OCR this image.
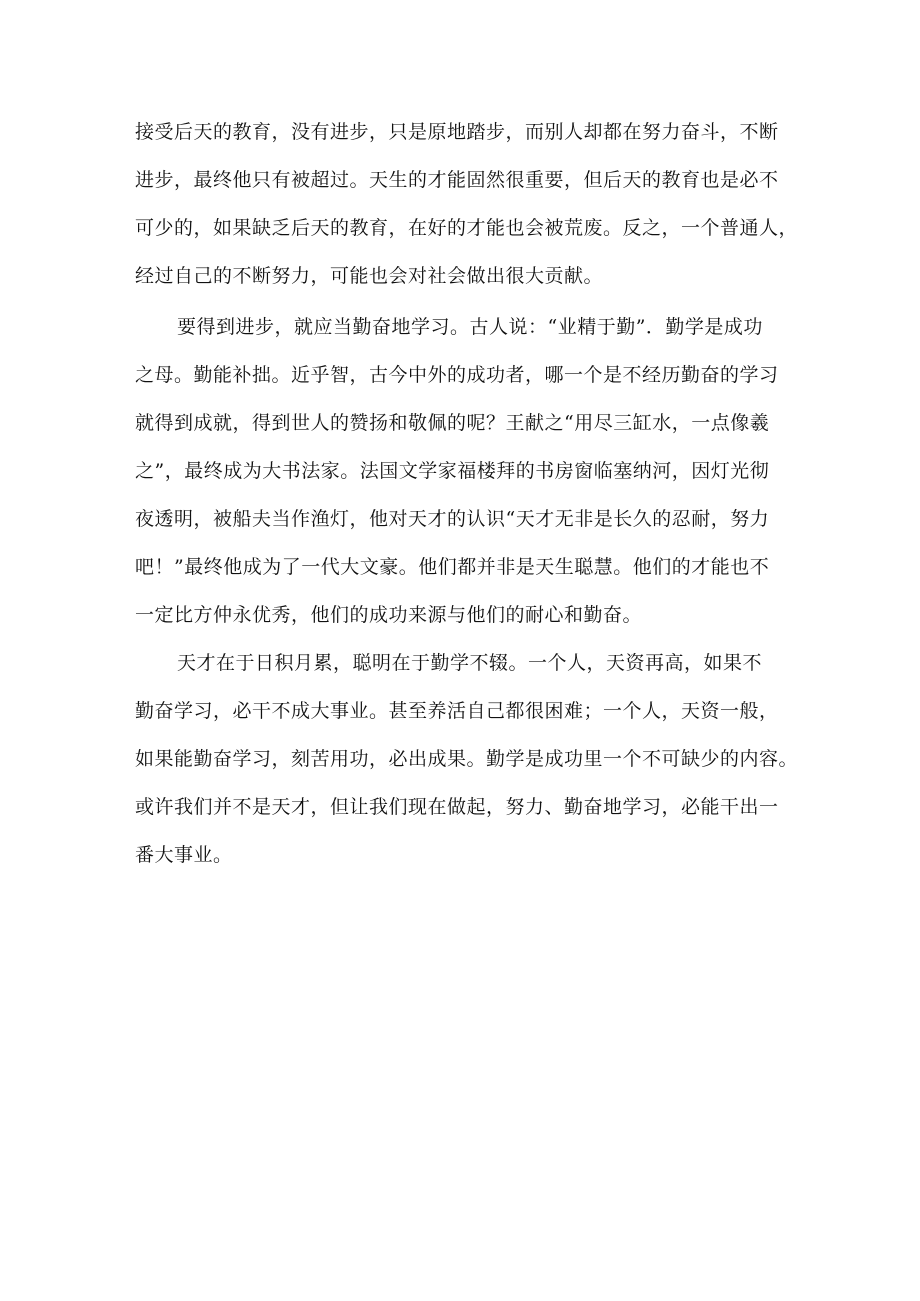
接受后天的教育，没有进步，只是原地踏步，而别人却都在努力奋斗，不断

进步，最终他只有被超过。天生的才能固然很重要，但后天的教育也是必不

可少的，如果缺乏后天的教育，在好的才能也会被荒废。反之，一个普通人，

经过自己的不断努力，可能也会对社会做出很大贡献。

要得到进步，就应当勤奋地学习。古人说：“业精于勤”．勤学是成功

之母。勤能补拙。近乎智，古今中外的成功者，哪一个是不经历勤奋的学习

就得到成就，得到世人的赞扬和敬佩的呢？王献之“用尽三缸水，一点像羲

之”，最终成为大书法家。法国文学家福楼拜的书房窗临塞纳河，因灯光彻

夜透明，被船夫当作渔灯，他对天才的认识“天才无非是长久的忍耐，努力

吧！”最终他成为了一代大文豪。他们都并非是天生聪慧。他们的才能也不

一定比方仲永优秀，他们的成功来源与他们的耐心和勤奋。

天才在于日积月累，聪明在于勤学不辍。一个人，天资再高，如果不

勤奋学习，必干不成大事业。甚至养活自己都很困难；一个人，天资一般，

如果能勤奋学习，刻苦用功，必出成果。勤学是成功里一个不可缺少的内容。

或许我们并不是天才，但让我们现在做起，努力、勤奋地学习，必能干出一

番大事业。
